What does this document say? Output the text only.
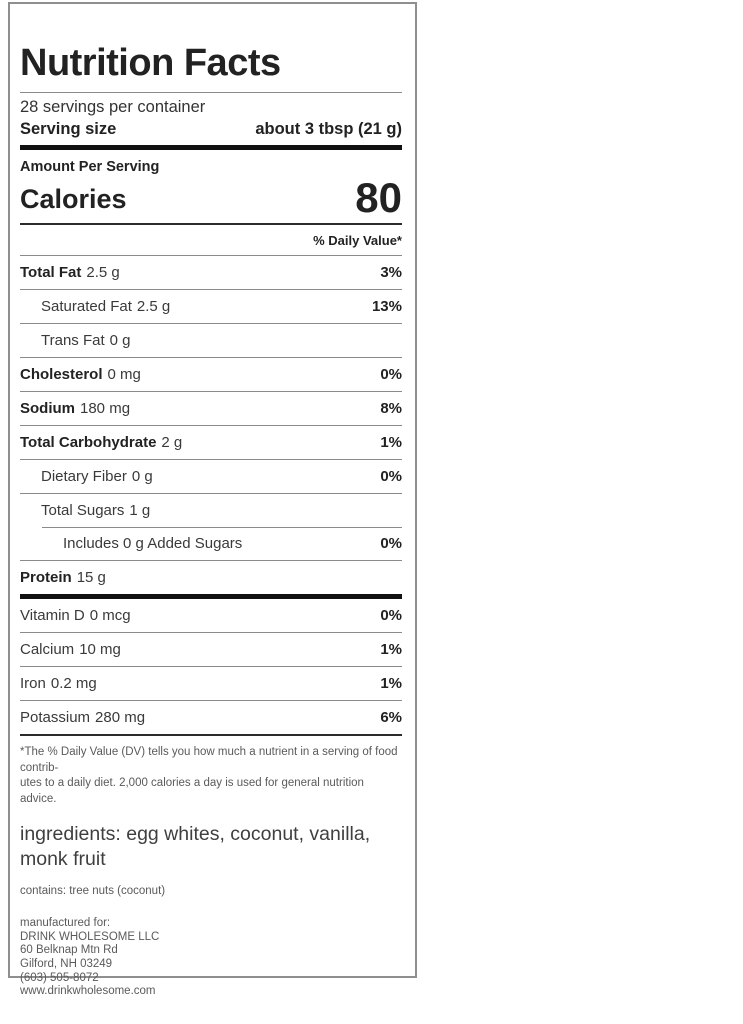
Nutrition Facts
28 servings per container
Serving size	about 3 tbsp (21 g)
Amount Per Serving
Calories	80
% Daily Value*
Total Fat 2.5 g	3%
Saturated Fat 2.5 g	13%
Trans Fat 0 g
Cholesterol 0 mg	0%
Sodium 180 mg	8%
Total Carbohydrate 2 g	1%
Dietary Fiber 0 g	0%
Total Sugars 1 g
Includes 0 g Added Sugars	0%
Protein 15 g
Vitamin D 0 mcg	0%
Calcium 10 mg	1%
Iron 0.2 mg	1%
Potassium 280 mg	6%
*The % Daily Value (DV) tells you how much a nutrient in a serving of food contrib-
utes to a daily diet. 2,000 calories a day is used for general nutrition advice.
ingredients: egg whites, coconut, vanilla,
monk fruit
contains: tree nuts (coconut)
manufactured for:
DRINK WHOLESOME LLC
60 Belknap Mtn Rd
Gilford, NH 03249
(603) 505-8072
www.drinkwholesome.com
